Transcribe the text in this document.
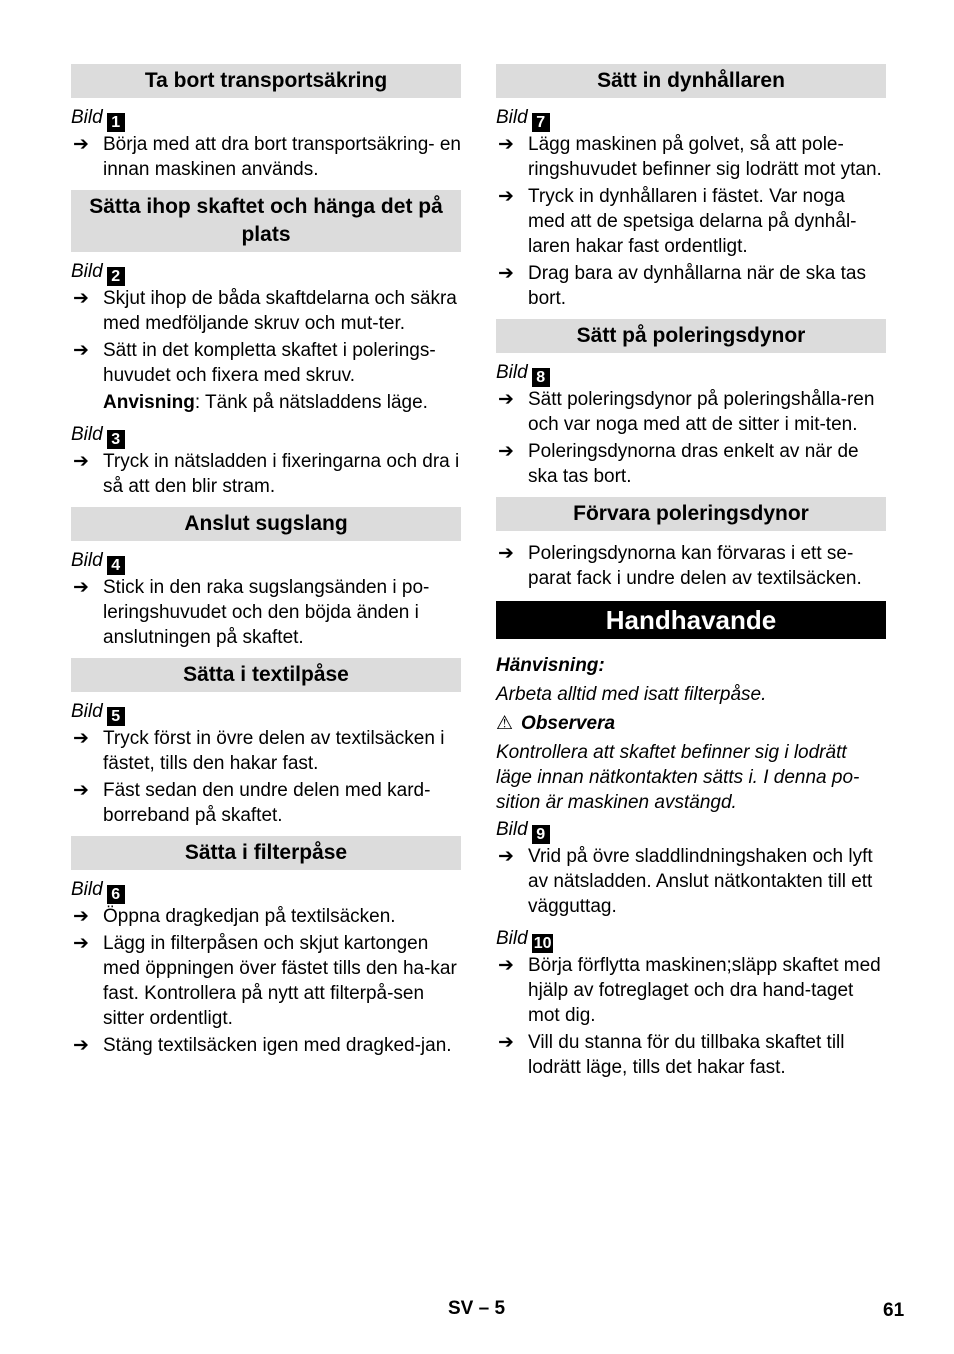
Ta bort transportsäkring
Bild 1
➔ Börja med att dra bort transportsäkring- en innan maskinen används.
Sätta ihop skaftet och hänga det på plats
Bild 2
➔ Skjut ihop de båda skaftdelarna och säkra med medföljande skruv och mut-ter.
➔ Sätt in det kompletta skaftet i polerings-huvudet och fixera med skruv.
Anvisning: Tänk på nätsladdens läge.
Bild 3
➔ Tryck in nätsladden i fixeringarna och dra i så att den blir stram.
Anslut sugslang
Bild 4
➔ Stick in den raka sugslangsänden i po-leringshuvudet och den böjda änden i anslutningen på skaftet.
Sätta i textilpåse
Bild 5
➔ Tryck först in övre delen av textilsäcken i fästet, tills den hakar fast.
➔ Fäst sedan den undre delen med kard-borreband på skaftet.
Sätta i filterpåse
Bild 6
➔ Öppna dragkedjan på textilsäcken.
➔ Lägg in filterpåsen och skjut kartongen med öppningen över fästet tills den ha-kar fast. Kontrollera på nytt att filterpå-sen sitter ordentligt.
➔ Stäng textilsäcken igen med dragked-jan.
Sätt in dynhållaren
Bild 7
➔ Lägg maskinen på golvet, så att pole-ringshuvudet befinner sig lodrätt mot ytan.
➔ Tryck in dynhållaren i fästet. Var noga med att de spetsiga delarna på dynhål-laren hakar fast ordentligt.
➔ Drag bara av dynhållarna när de ska tas bort.
Sätt på poleringsdynor
Bild 8
➔ Sätt poleringsdynor på poleringshålla-ren och var noga med att de sitter i mit-ten.
➔ Poleringsdynorna dras enkelt av när de ska tas bort.
Förvara poleringsdynor
➔ Poleringsdynorna kan förvaras i ett se-parat fack i undre delen av textilsäcken.
Handhavande
Hänvisning:
Arbeta alltid med isatt filterpåse.
⚠ Observera
Kontrollera att skaftet befinner sig i lodrätt läge innan nätkontakten sätts i. I denna po-sition är maskinen avstängd.
Bild 9
➔ Vrid på övre sladdlindningshaken och lyft av nätsladden. Anslut nätkontakten till ett vägguttag.
Bild 10
➔ Börja förflytta maskinen;släpp skaftet med hjälp av fotreglaget och dra hand-taget mot dig.
➔ Vill du stanna för du tillbaka skaftet till lodrätt läge, tills det hakar fast.
SV – 5	61
